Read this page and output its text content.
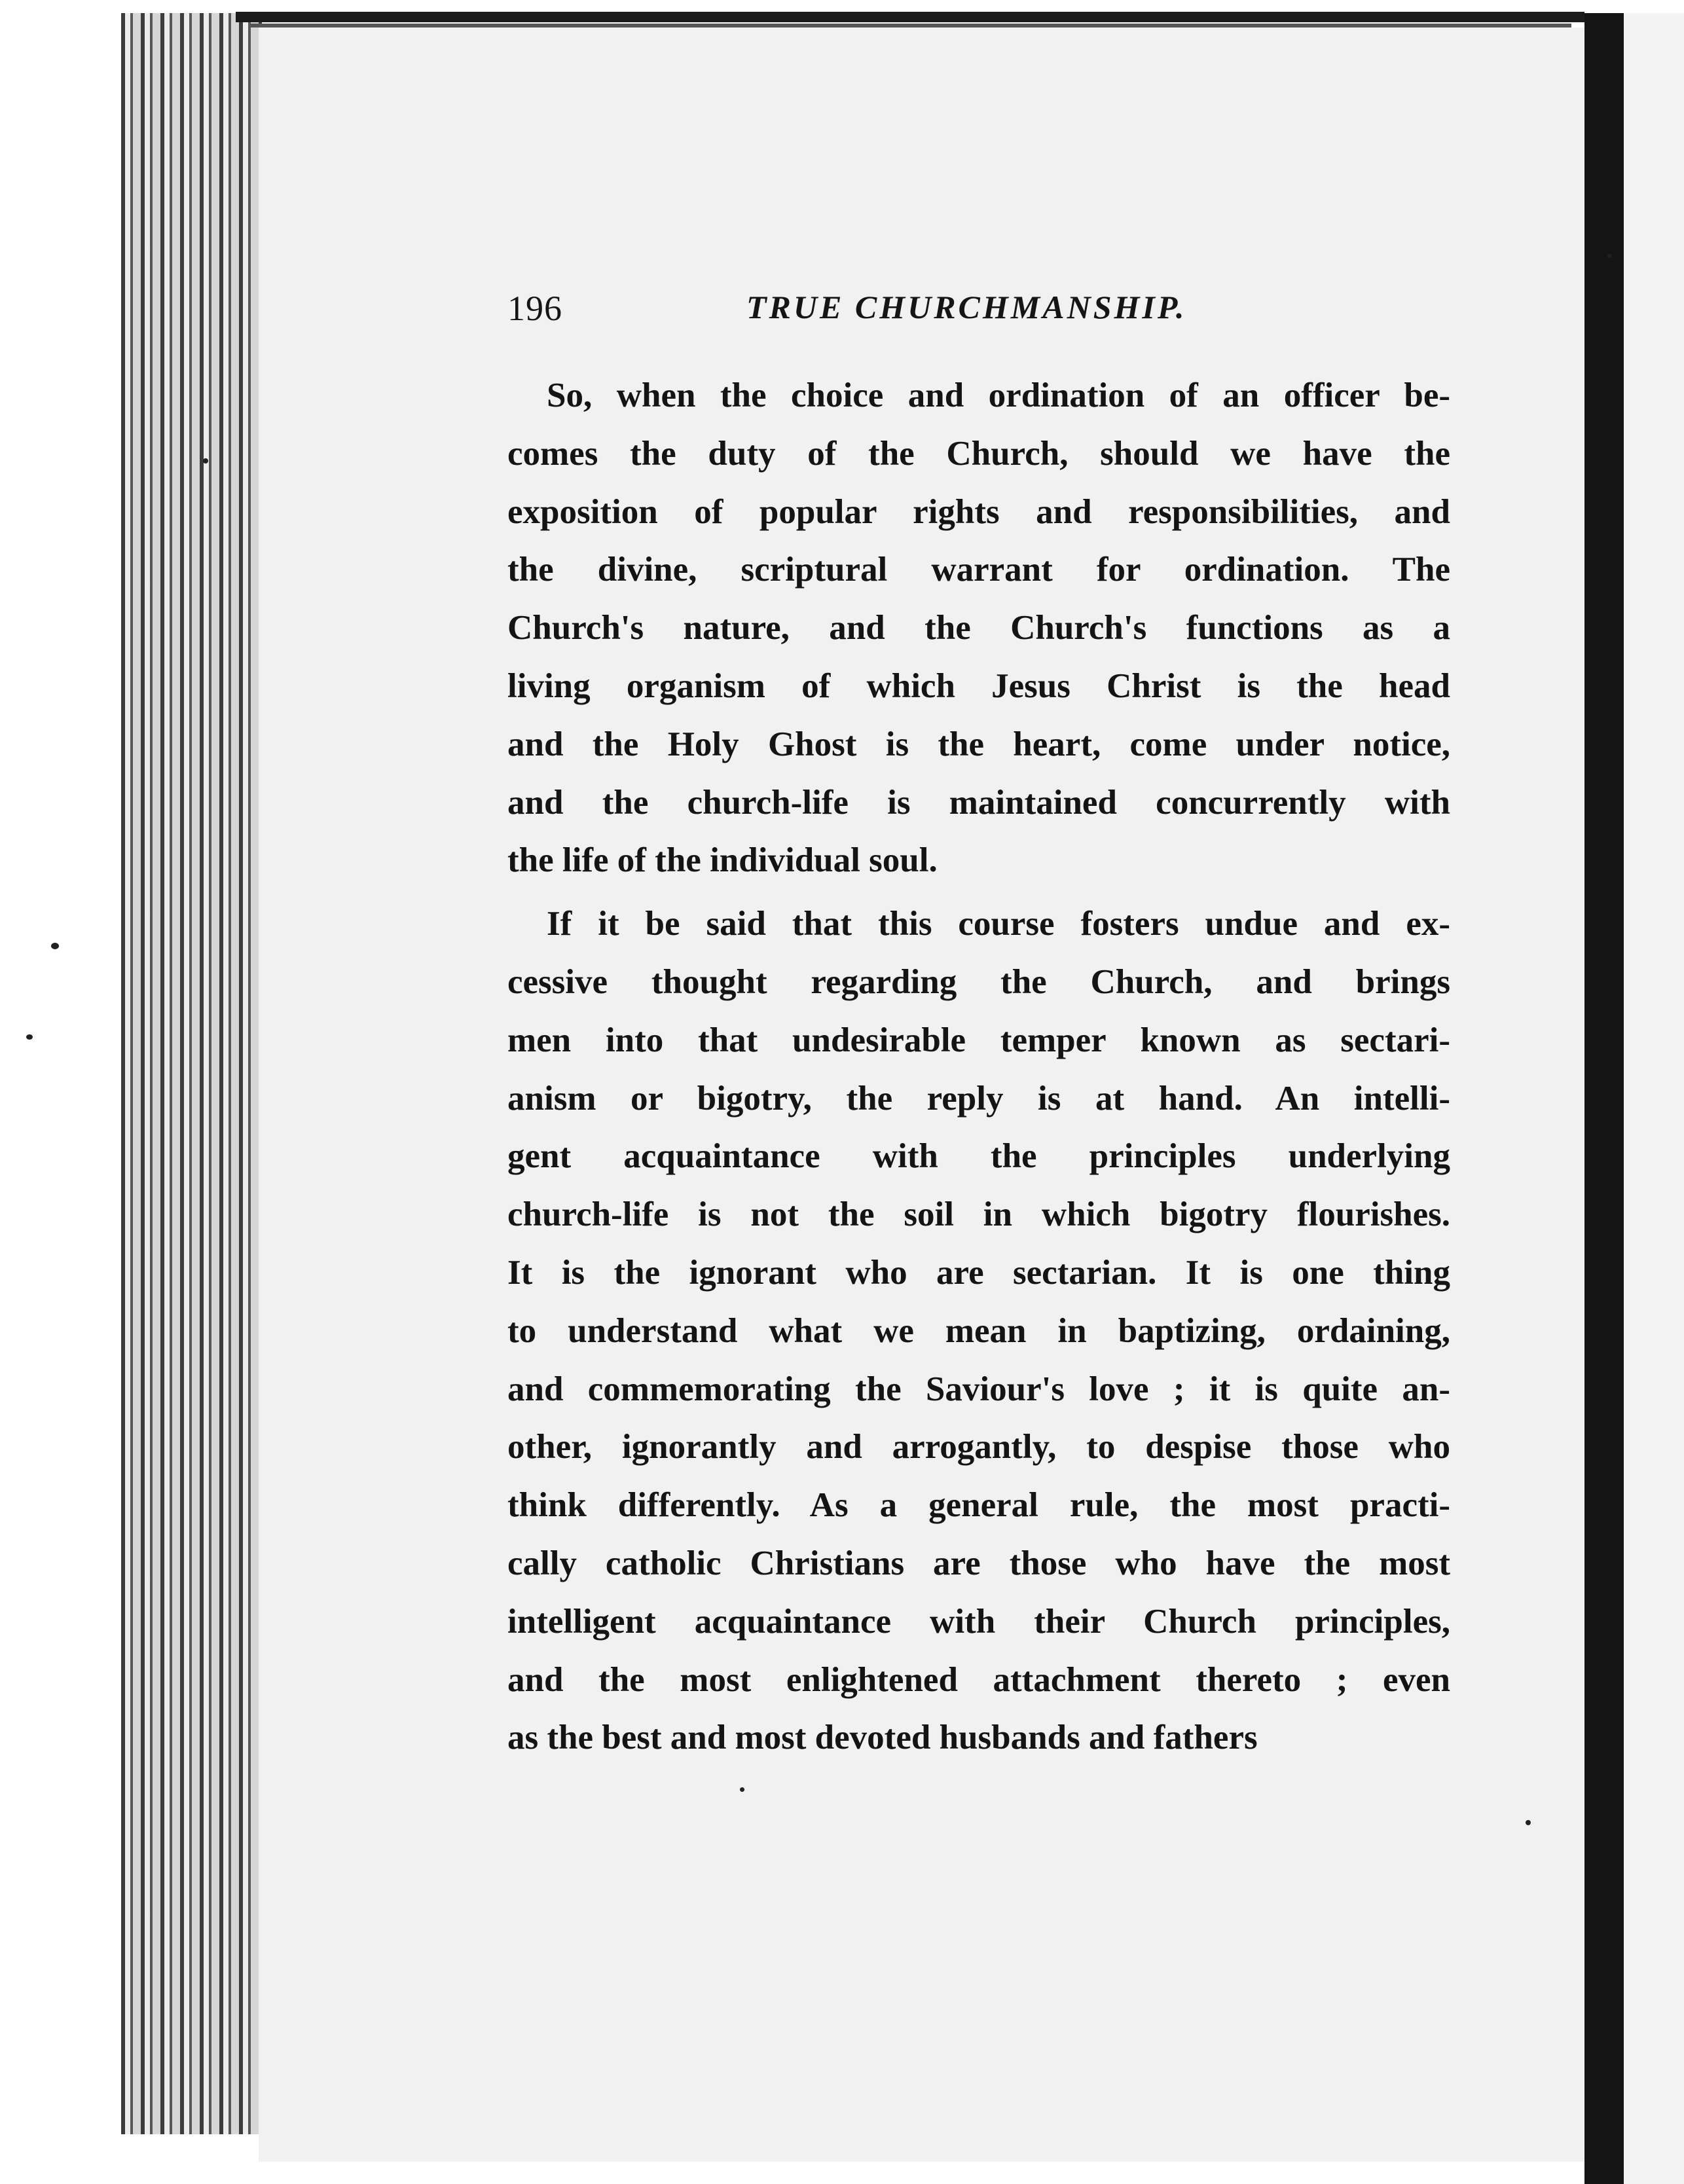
196	TRUE CHURCHMANSHIP.
So, when the choice and ordination of an officer be-
comes the duty of the Church, should we have the
exposition of popular rights and responsibilities, and
the divine, scriptural warrant for ordination. The
Church's nature, and the Church's functions as a
living organism of which Jesus Christ is the head
and the Holy Ghost is the heart, come under notice,
and the church-life is maintained concurrently with
the life of the individual soul.
If it be said that this course fosters undue and ex-
cessive thought regarding the Church, and brings
men into that undesirable temper known as sectari-
anism or bigotry, the reply is at hand. An intelli-
gent acquaintance with the principles underlying
church-life is not the soil in which bigotry flourishes.
It is the ignorant who are sectarian. It is one thing
to understand what we mean in baptizing, ordaining,
and commemorating the Saviour's love ; it is quite an-
other, ignorantly and arrogantly, to despise those who
think differently. As a general rule, the most practi-
cally catholic Christians are those who have the most
intelligent acquaintance with their Church principles,
and the most enlightened attachment thereto ; even
as the best and most devoted husbands and fathers
